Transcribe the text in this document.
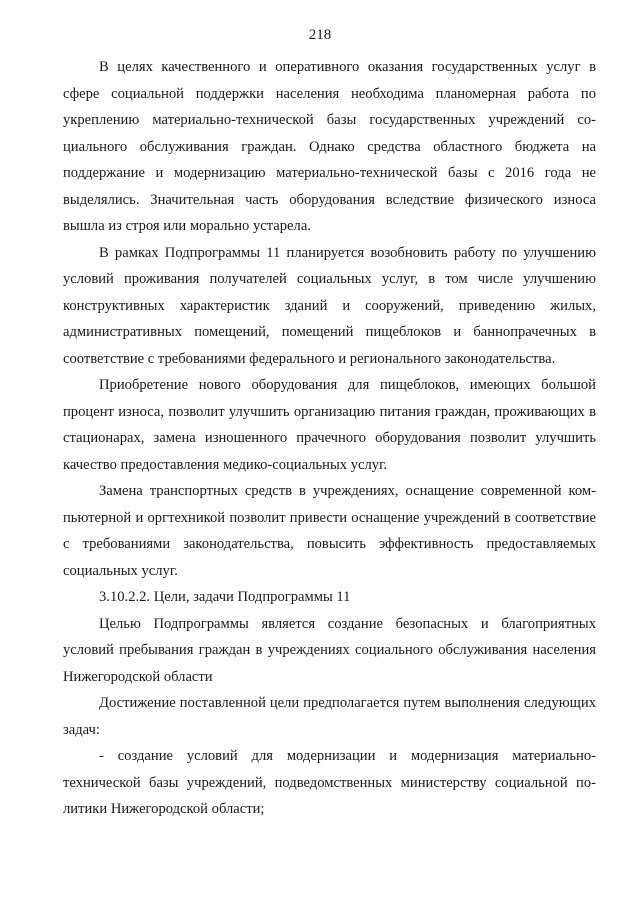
218

В целях качественного и оперативного оказания государственных услуг в сфере социальной поддержки населения необходима планомерная работа по укреплению материально-технической базы государственных учреждений социального обслуживания граждан. Однако средства областного бюджета на поддержание и модернизацию материально-технической базы с 2016 года не выделялись. Значительная часть оборудования вследствие физического износа вышла из строя или морально устарела.

В рамках Подпрограммы 11 планируется возобновить работу по улучшению условий проживания получателей социальных услуг, в том числе улучшению конструктивных характеристик зданий и сооружений, приведению жилых, административных помещений, помещений пищеблоков и баннопрачечных в соответствие с требованиями федерального и регионального законодательства.

Приобретение нового оборудования для пищеблоков, имеющих большой процент износа, позволит улучшить организацию питания граждан, проживающих в стационарах, замена изношенного прачечного оборудования позволит улучшить качество предоставления медико-социальных услуг.

Замена транспортных средств в учреждениях, оснащение современной компьютерной и оргтехникой позволит привести оснащение учреждений в соответствие с требованиями законодательства, повысить эффективность предоставляемых социальных услуг.

3.10.2.2. Цели, задачи Подпрограммы 11

Целью Подпрограммы является создание безопасных и благоприятных условий пребывания граждан в учреждениях социального обслуживания населения Нижегородской области

Достижение поставленной цели предполагается путем выполнения следующих задач:

- создание условий для модернизации и модернизация материально-технической базы учреждений, подведомственных министерству социальной политики Нижегородской области;
